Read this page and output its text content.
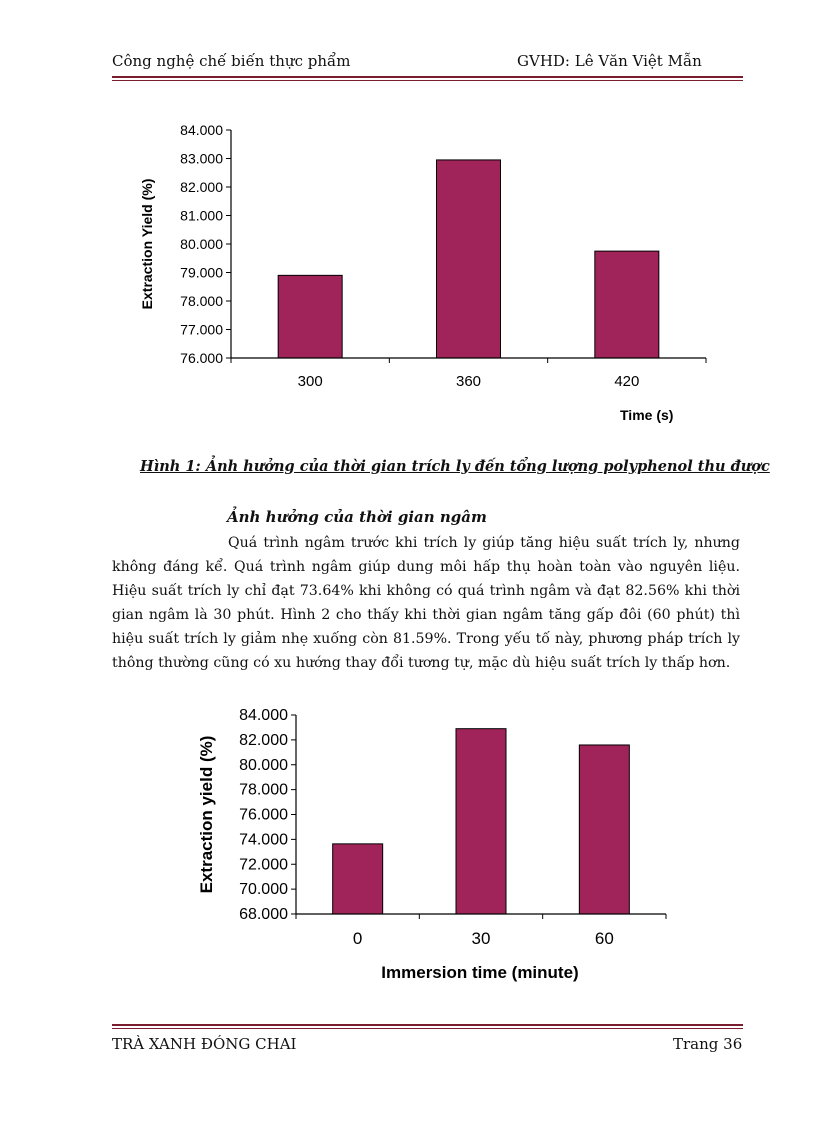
Công nghệ chế biến thực phẩm	GVHD: Lê Văn Việt Mẫn
76.000
77.000
78.000
79.000
80.000
81.000
82.000
83.000
84.000
300	360	420
Time (s)
Extraction Yield (%)
Hình 1: Ảnh hưởng của thời gian trích ly đến tổng lượng polyphenol thu được
Ảnh hưởng của thời gian ngâm
Quá trình ngâm trước khi trích ly giúp tăng hiệu suất trích ly, nhưng không đáng kể. Quá trình ngâm giúp dung môi hấp thụ hoàn toàn vào nguyên liệu. Hiệu suất trích ly chỉ đạt 73.64% khi không có quá trình ngâm và đạt 82.56% khi thời gian ngâm là 30 phút. Hình 2 cho thấy khi thời gian ngâm tăng gấp đôi (60 phút) thì hiệu suất trích ly giảm nhẹ xuống còn 81.59%. Trong yếu tố này, phương pháp trích ly thông thường cũng có xu hướng thay đổi tương tự, mặc dù hiệu suất trích ly thấp hơn.
68.000
70.000
72.000
74.000
76.000
78.000
80.000
82.000
84.000
0	30	60
Immersion time (minute)
Extraction yield (%)
TRÀ XANH ĐÓNG CHAI	Trang 36
